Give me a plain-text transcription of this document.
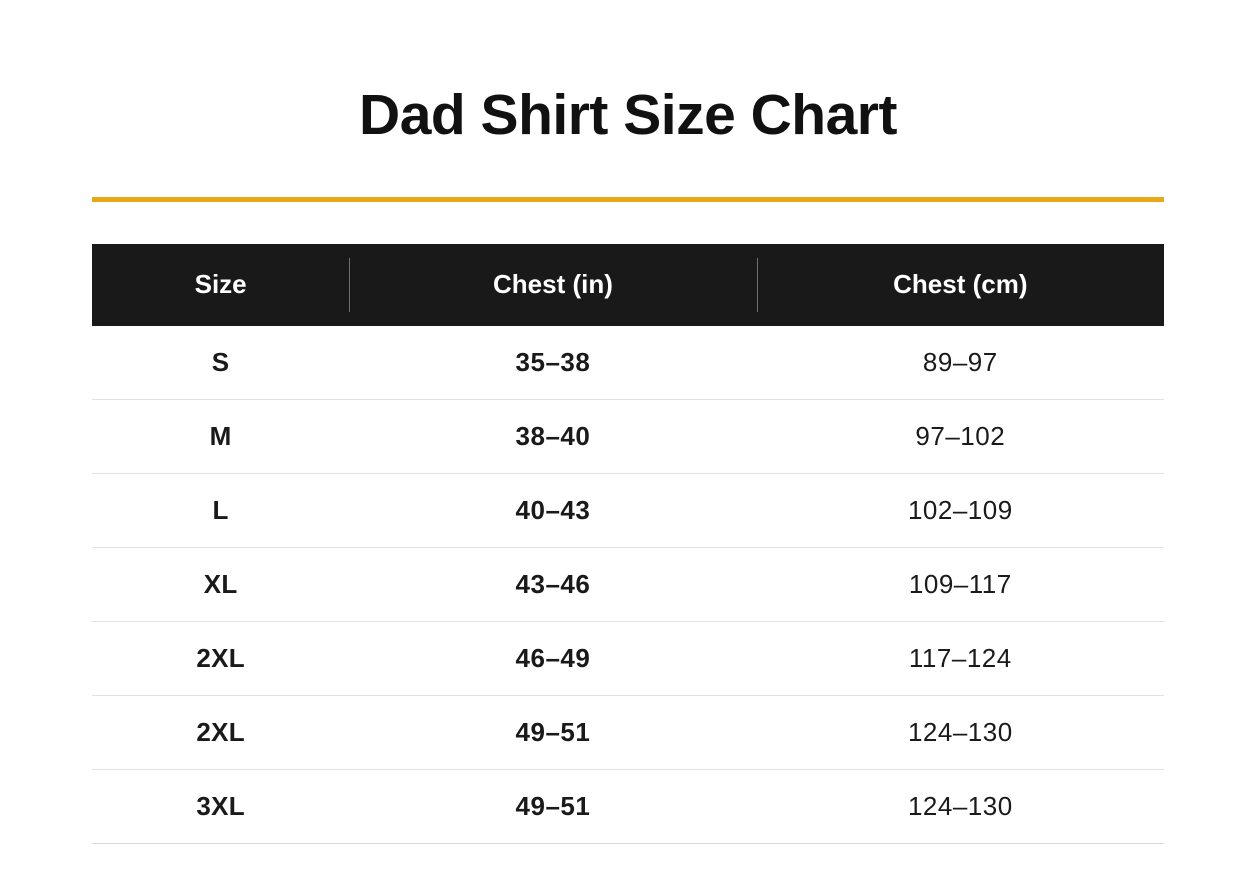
Dad Shirt Size Chart
Size	Chest (in)	Chest (cm)
S	35–38	89–97
M	38–40	97–102
L	40–43	102–109
XL	43–46	109–117
2XL	46–49	117–124
2XL	49–51	124–130
3XL	49–51	124–130
